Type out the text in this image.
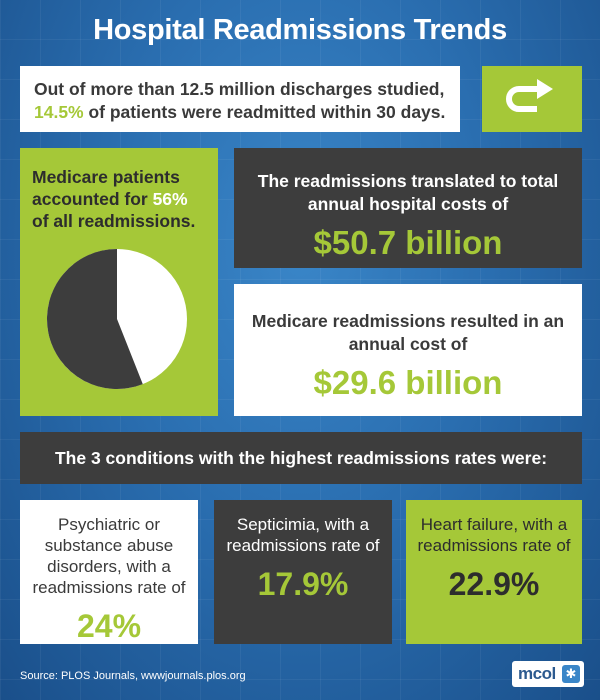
Hospital Readmissions Trends
Out of more than 12.5 million discharges studied, 14.5% of patients were readmitted within 30 days.
Medicare patients accounted for 56% of all readmissions.
The readmissions translated to total annual hospital costs of
$50.7 billion
Medicare readmissions resulted in an annual cost of
$29.6 billion
The 3 conditions with the highest readmissions rates were:
Psychiatric or substance abuse disorders, with a readmissions rate of
24%
Septicimia, with a readmissions rate of
17.9%
Heart failure, with a readmissions rate of
22.9%
Source: PLOS Journals, wwwjournals.plos.org	mcol ✱
